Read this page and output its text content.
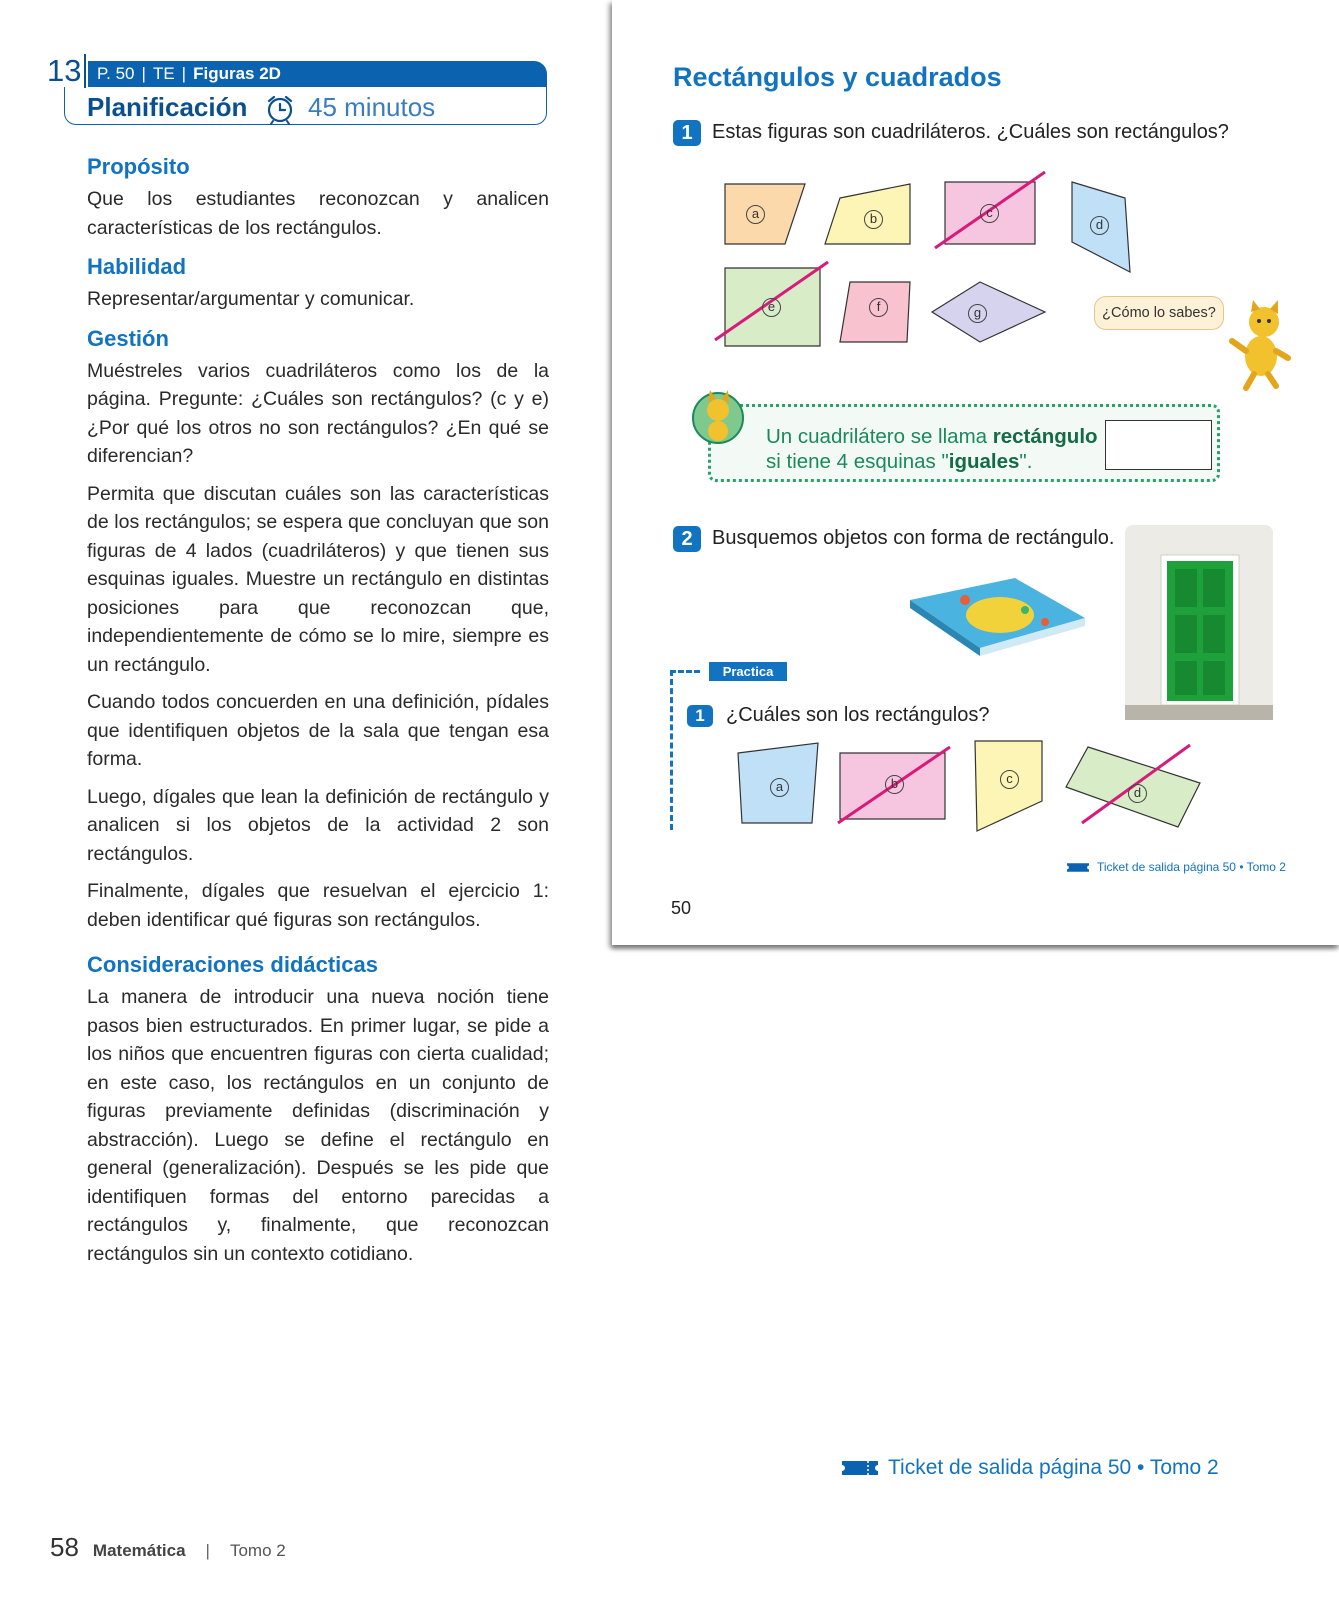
13 P. 50 | TE | Figuras 2D
Planificación 45 minutos
Propósito

Que los estudiantes reconozcan y analicen características de los rectángulos.

Habilidad

Representar/argumentar y comunicar.

Gestión

Muéstreles varios cuadriláteros como los de la página. Pregunte: ¿Cuáles son rectángulos? (c y e) ¿Por qué los otros no son rectángulos? ¿En qué se diferencian?

Permita que discutan cuáles son las características de los rectángulos; se espera que concluyan que son figuras de 4 lados (cuadriláteros) y que tienen sus esquinas iguales. Muestre un rectángulo en distintas posiciones para que reconozcan que, independientemente de cómo se lo mire, siempre es un rectángulo.

Cuando todos concuerden en una definición, pídales que identifiquen objetos de la sala que tengan esa forma.

Luego, dígales que lean la definición de rectángulo y analicen si los objetos de la actividad 2 son rectángulos.

Finalmente, dígales que resuelvan el ejercicio 1: deben identificar qué figuras son rectángulos.

Consideraciones didácticas

La manera de introducir una nueva noción tiene pasos bien estructurados. En primer lugar, se pide a los niños que encuentren figuras con cierta cualidad; en este caso, los rectángulos en un conjunto de figuras previamente definidas (discriminación y abstracción). Luego se define el rectángulo en general (generalización). Después se les pide que identifiquen formas del entorno parecidas a rectángulos y, finalmente, que reconozcan rectángulos sin un contexto cotidiano.

Ticket de salida página 50 • Tomo 2
58 Matemática | Tomo 2
Rectángulos y cuadrados
1 Estas figuras son cuadriláteros. ¿Cuáles son rectángulos?
a	b	c
d
e	f	g	¿Cómo lo sabes?
Un cuadrilátero se llama rectángulo
si tiene 4 esquinas "iguales".
2 Busquemos objetos con forma de rectángulo.
Practica
1	¿Cuáles son los rectángulos?
a	b	c
d
Ticket de salida página 50 • Tomo 2
50
